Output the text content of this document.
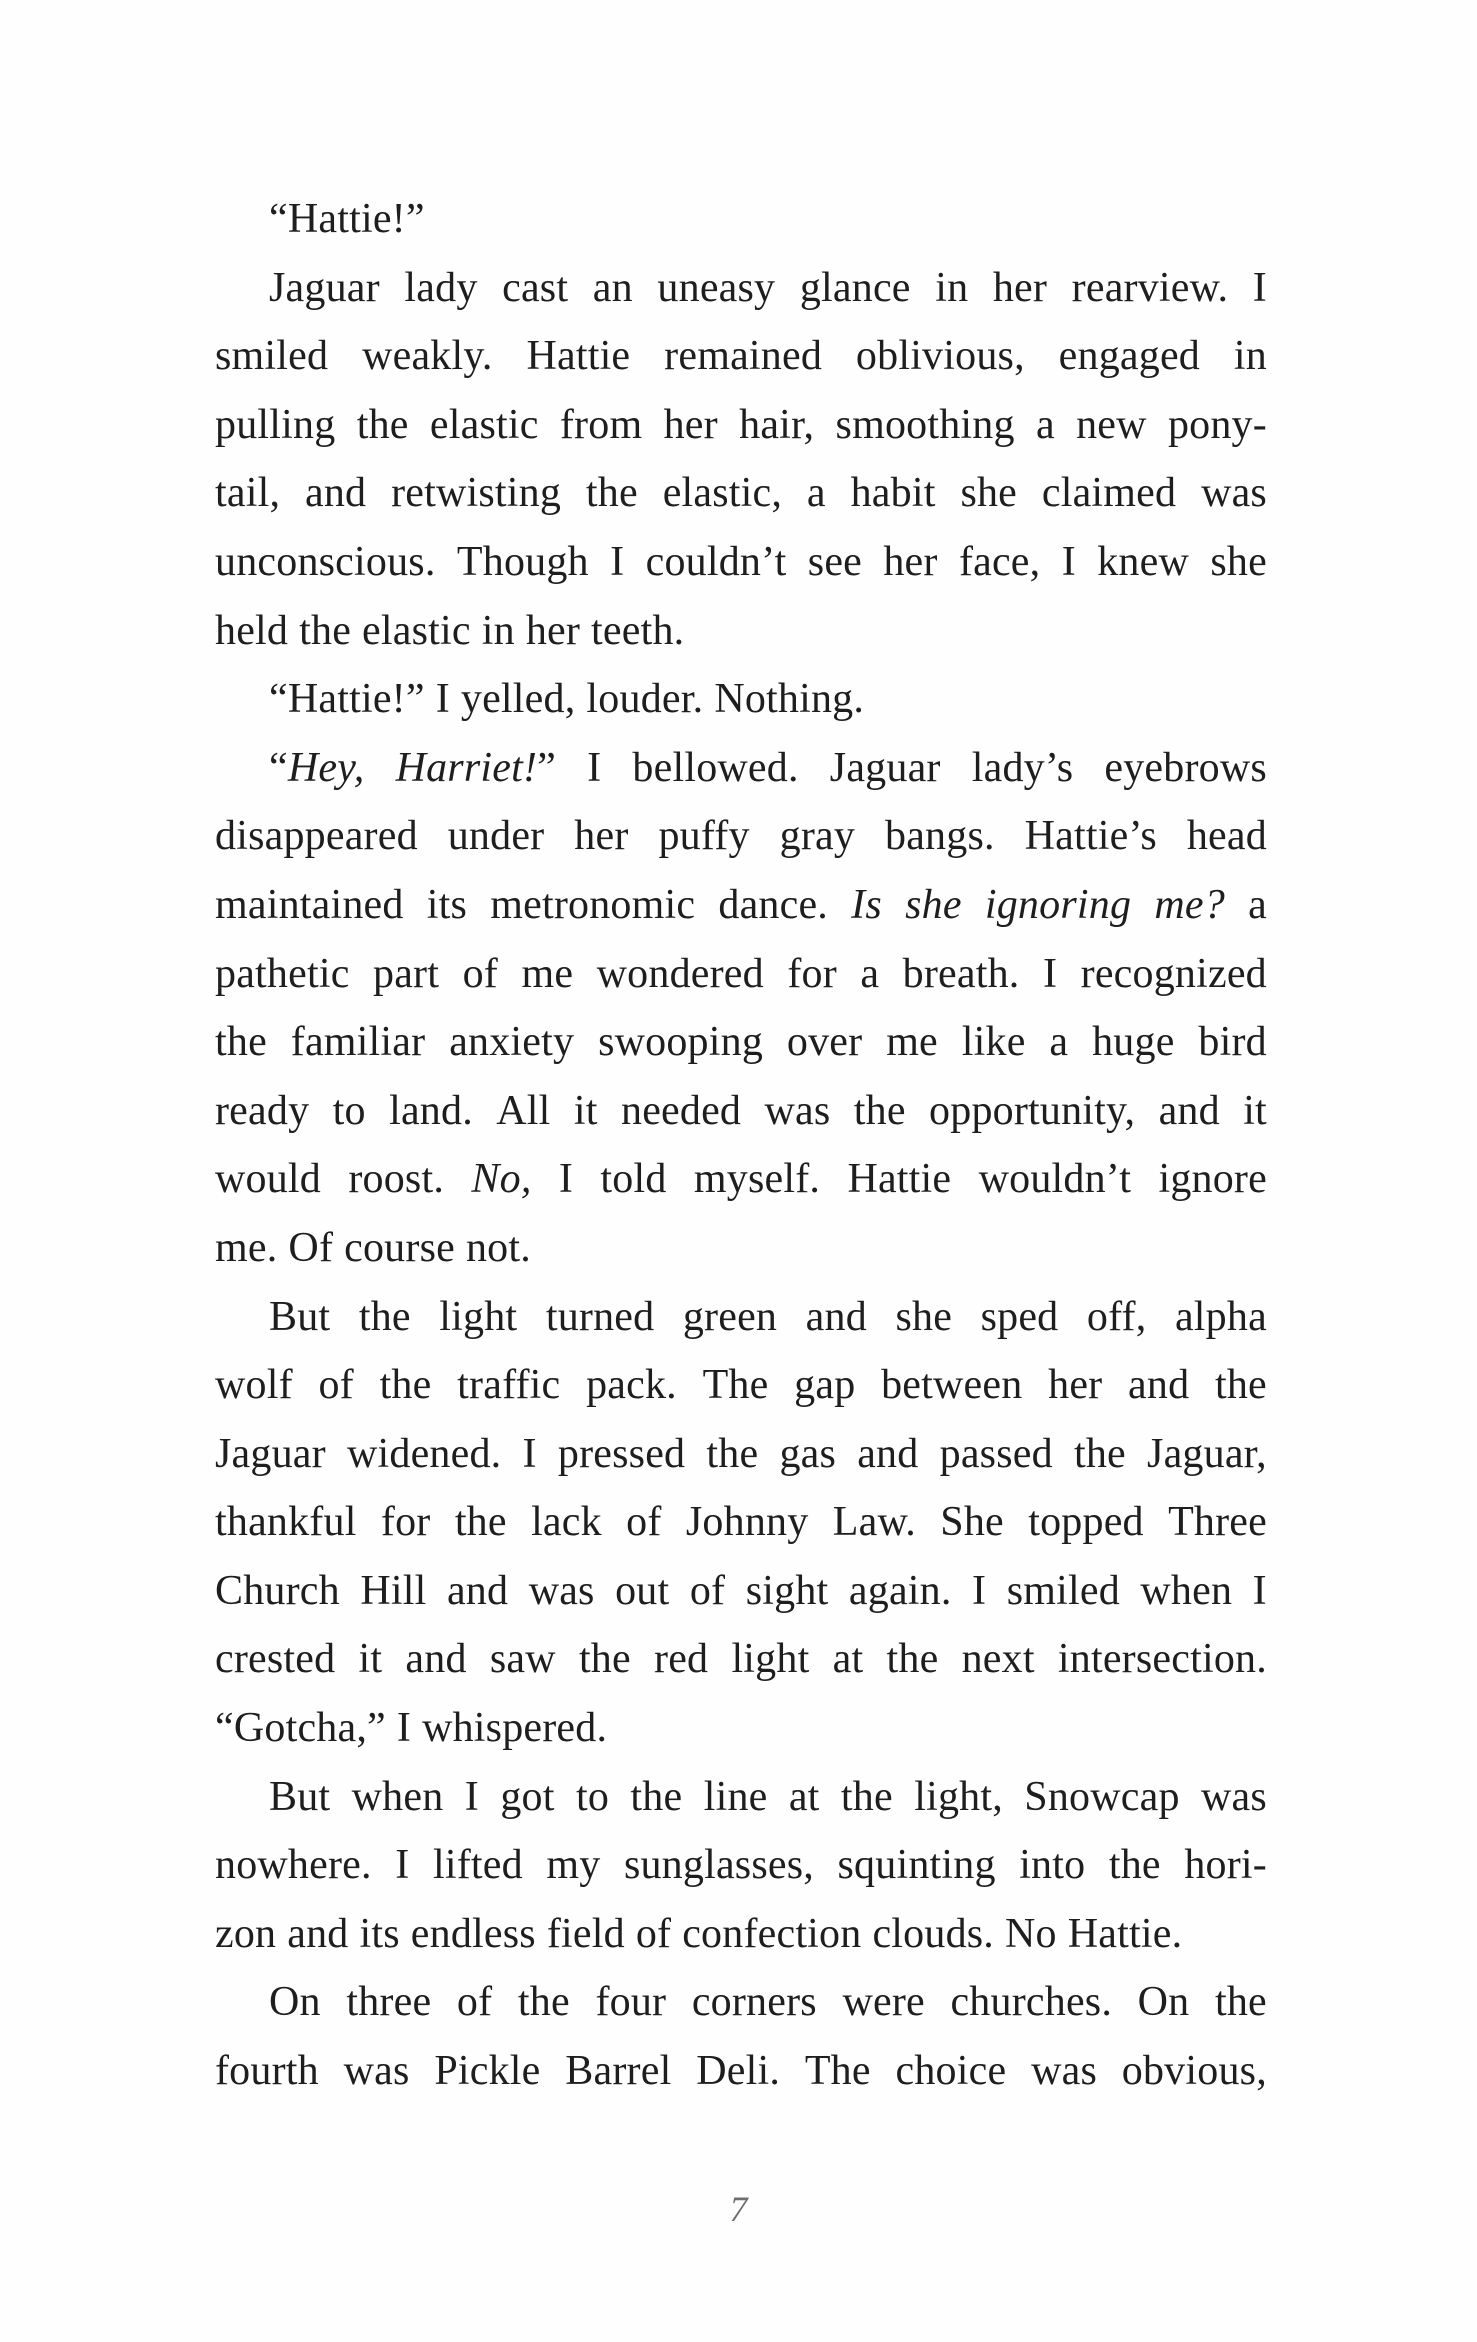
“Hattie!”
Jaguar lady cast an uneasy glance in her rearview. I
smiled weakly. Hattie remained oblivious, engaged in
pulling the elastic from her hair, smoothing a new pony-
tail, and retwisting the elastic, a habit she claimed was
unconscious. Though I couldn’t see her face, I knew she
held the elastic in her teeth.
“Hattie!” I yelled, louder. Nothing.
“Hey, Harriet!” I bellowed. Jaguar lady’s eyebrows
disappeared under her puffy gray bangs. Hattie’s head
maintained its metronomic dance. Is she ignoring me? a
pathetic part of me wondered for a breath. I recognized
the familiar anxiety swooping over me like a huge bird
ready to land. All it needed was the opportunity, and it
would roost. No, I told myself. Hattie wouldn’t ignore
me. Of course not.
But the light turned green and she sped off, alpha
wolf of the traffic pack. The gap between her and the
Jaguar widened. I pressed the gas and passed the Jaguar,
thankful for the lack of Johnny Law. She topped Three
Church Hill and was out of sight again. I smiled when I
crested it and saw the red light at the next intersection.
“Gotcha,” I whispered.
But when I got to the line at the light, Snowcap was
nowhere. I lifted my sunglasses, squinting into the hori-
zon and its endless field of confection clouds. No Hattie.
On three of the four corners were churches. On the
fourth was Pickle Barrel Deli. The choice was obvious,
7
